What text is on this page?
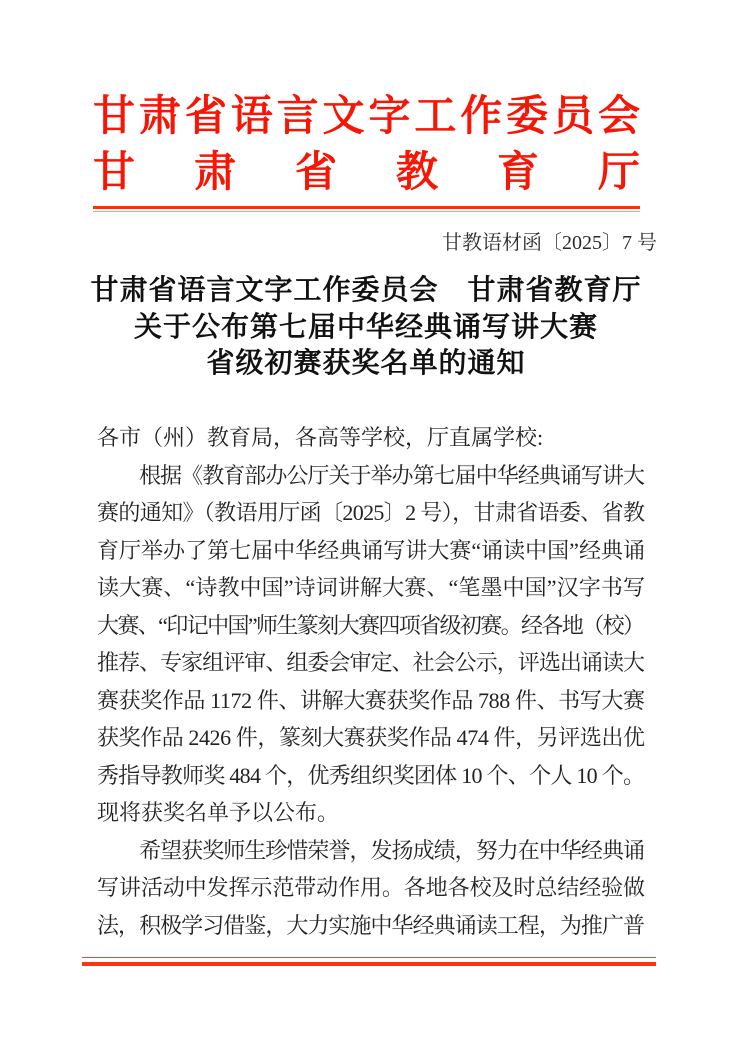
甘肃省语言文字工作委员会
甘肃省教育厅
甘教语材函〔2025〕7 号
甘肃省语言文字工作委员会　甘肃省教育厅
关于公布第七届中华经典诵写讲大赛
省级初赛获奖名单的通知
各市（州）教育局，各高等学校，厅直属学校:
　　根据《教育部办公厅关于举办第七届中华经典诵写讲大
赛的通知》（教语用厅函〔2025〕2 号），甘肃省语委、省教
育厅举办了第七届中华经典诵写讲大赛“诵读中国”经典诵
读大赛、“诗教中国”诗词讲解大赛、“笔墨中国”汉字书写
大赛、“印记中国”师生篆刻大赛四项省级初赛。经各地（校）
推荐、专家组评审、组委会审定、社会公示，评选出诵读大
赛获奖作品 1172 件、讲解大赛获奖作品 788 件、书写大赛
获奖作品 2426 件，篆刻大赛获奖作品 474 件，另评选出优
秀指导教师奖 484 个，优秀组织奖团体 10 个、个人 10 个。
现将获奖名单予以公布。
　　希望获奖师生珍惜荣誉，发扬成绩，努力在中华经典诵
写讲活动中发挥示范带动作用。各地各校及时总结经验做
法，积极学习借鉴，大力实施中华经典诵读工程，为推广普
